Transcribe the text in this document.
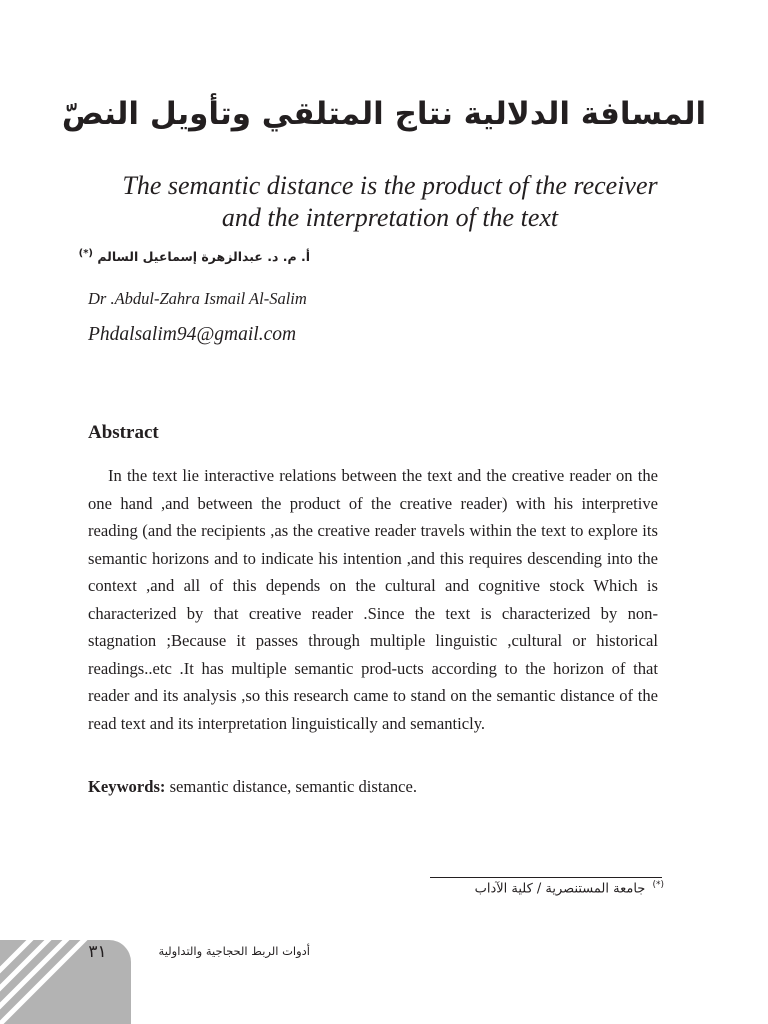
المسافة الدلالية نتاج المتلقي وتأويل النصّ
The semantic distance is the product of the receiver
and the interpretation of the text
أ. م. د. عبدالزهرة إسماعيل السالم (*)
Dr .Abdul-Zahra Ismail Al-Salim
Phdalsalim94@gmail.com
Abstract
In the text lie interactive relations between the text and the creative reader on the one hand ,and between the product of the creative reader) with his interpretive reading (and the recipients ,as the creative reader travels within the text to explore its semantic horizons and to indicate his intention ,and this requires descending into the context ,and all of this depends on the cultural and cognitive stock Which is characterized by that creative reader .Since the text is characterized by non-stagnation ;Because it passes through multiple linguistic ,cultural or historical readings..etc .It has multiple semantic prod-ucts according to the horizon of that reader and its analysis ,so this research came to stand on the semantic distance of the read text and its interpretation linguistically and semanticly.
Keywords: semantic distance, semantic distance.
(*) جامعة المستنصرية / كلية الآداب
٣١	أدوات الربط الحجاجية والتداولية
